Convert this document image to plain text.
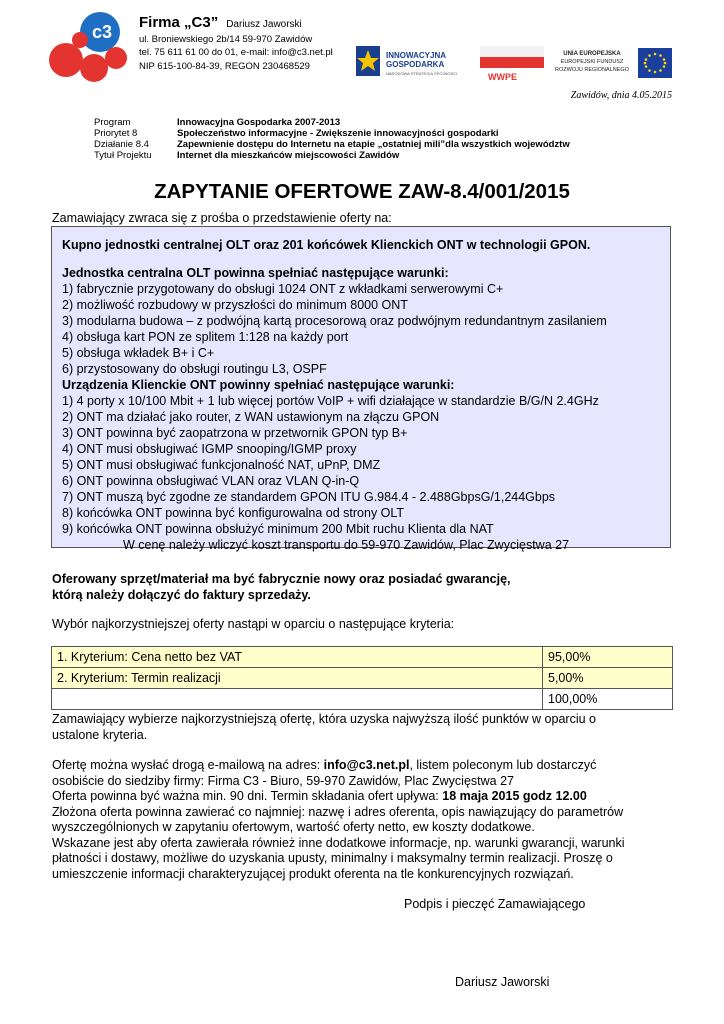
c3 Firma „C3” Dariusz Jaworski
ul. Broniewskiego 2b/14 59-970 Zawidów
tel. 75 611 61 00 do 01, e-mail: info@c3.net.pl
NIP 615-100-84-39, REGON 230468529
INNOWACYJNA
GOSPODARKA
NARODOWA STRATEGIA SPÓJNOŚCI	WWPE
UNIA EUROPEJSKA
EUROPEJSKI FUNDUSZ
ROZWOJU REGIONALNEGO
Zawidów, dnia 4.05.2015
Program	Innowacyjna Gospodarka 2007-2013
Priorytet 8	Społeczeństwo informacyjne - Zwiększenie innowacyjności gospodarki
Działanie 8.4	Zapewnienie dostępu do Internetu na etapie „ostatniej mili”dla wszystkich województw
Tytuł Projektu	Internet dla mieszkańców miejscowości Zawidów
ZAPYTANIE OFERTOWE ZAW-8.4/001/2015
Zamawiający zwraca się z prośba o przedstawienie oferty na:
Kupno jednostki centralnej OLT oraz 201 końcówek Klienckich ONT w technologii GPON.
Jednostka centralna OLT powinna spełniać następujące warunki:
1) fabrycznie przygotowany do obsługi 1024 ONT z wkładkami serwerowymi C+
2) możliwość rozbudowy w przyszłości do minimum 8000 ONT
3) modularna budowa – z podwójną kartą procesorową oraz podwójnym redundantnym zasilaniem
4) obsługa kart PON ze splitem 1:128 na każdy port
5) obsługa wkładek B+ i C+
6) przystosowany do obsługi routingu L3, OSPF
Urządzenia Klienckie ONT powinny spełniać następujące warunki:
1) 4 porty x 10/100 Mbit + 1 lub więcej portów VoIP + wifi działające w standardzie B/G/N 2.4GHz
2) ONT ma działać jako router, z WAN ustawionym na złączu GPON
3) ONT powinna być zaopatrzona w przetwornik GPON typ B+
4) ONT musi obsługiwać IGMP snooping/IGMP proxy
5) ONT musi obsługiwać funkcjonalność NAT, uPnP, DMZ
6) ONT powinna obsługiwać VLAN oraz VLAN Q-in-Q
7) ONT muszą być zgodne ze standardem GPON ITU G.984.4 - 2.488GbpsG/1,244Gbps
8) końcówka ONT powinna być konfigurowalna od strony OLT
9) końcówka ONT powinna obsłużyć minimum 200 Mbit ruchu Klienta dla NAT
W cenę należy wliczyć koszt transportu do 59-970 Zawidów, Plac Zwycięstwa 27
Oferowany sprzęt/materiał ma być fabrycznie nowy oraz posiadać gwarancję,
którą należy dołączyć do faktury sprzedaży.
Wybór najkorzystniejszej oferty nastąpi w oparciu o następujące kryteria:
1. Kryterium: Cena netto bez VAT	95,00%
2. Kryterium: Termin realizacji	5,00%
	100,00%
Zamawiający wybierze najkorzystniejszą ofertę, która uzyska najwyższą ilość punktów w oparciu o
ustalone kryteria.
Ofertę można wysłać drogą e-mailową na adres: info@c3.net.pl, listem poleconym lub dostarczyć
osobiście do siedziby firmy: Firma C3 - Biuro, 59-970 Zawidów, Plac Zwycięstwa 27
Oferta powinna być ważna min. 90 dni. Termin składania ofert upływa: 18 maja 2015 godz 12.00
Złożona oferta powinna zawierać co najmniej: nazwę i adres oferenta, opis nawiązujący do parametrów
wyszczególnionych w zapytaniu ofertowym, wartość oferty netto, ew koszty dodatkowe.
Wskazane jest aby oferta zawierała również inne dodatkowe informacje, np. warunki gwarancji, warunki
płatności i dostawy, możliwe do uzyskania upusty, minimalny i maksymalny termin realizacji. Proszę o
umieszczenie informacji charakteryzującej produkt oferenta na tle konkurencyjnych rozwiązań.
Podpis i pieczęć Zamawiającego
Dariusz Jaworski
